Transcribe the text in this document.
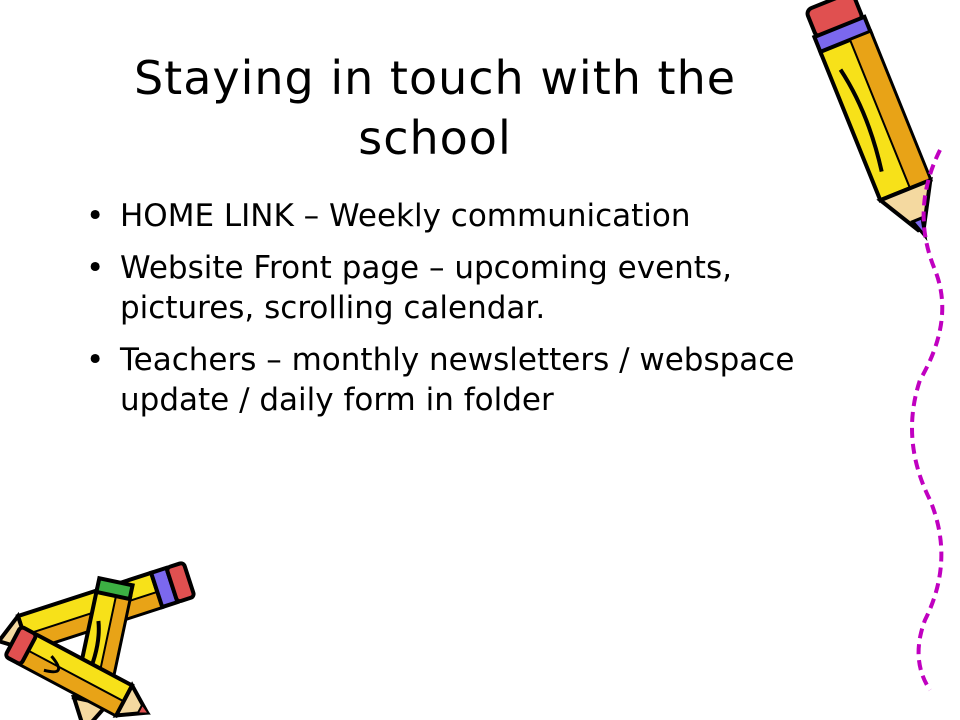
Staying in touch with the
school
• HOME LINK – Weekly communication
• Website Front page – upcoming events, pictures, scrolling calendar.
• Teachers – monthly newsletters / webspace update / daily form in folder
